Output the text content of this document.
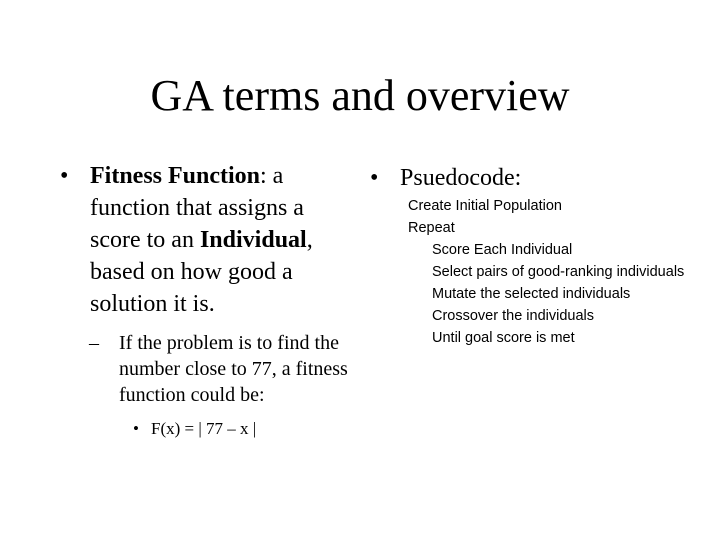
GA terms and overview
• Fitness Function: a function that assigns a score to an Individual, based on how good a solution it is.
– If the problem is to find the number close to 77, a fitness function could be:
• F(x) = | 77 – x |
• Psuedocode:
Create Initial Population
Repeat
Score Each Individual
Select pairs of good-ranking individuals
Mutate the selected individuals
Crossover the individuals
Until goal score is met
